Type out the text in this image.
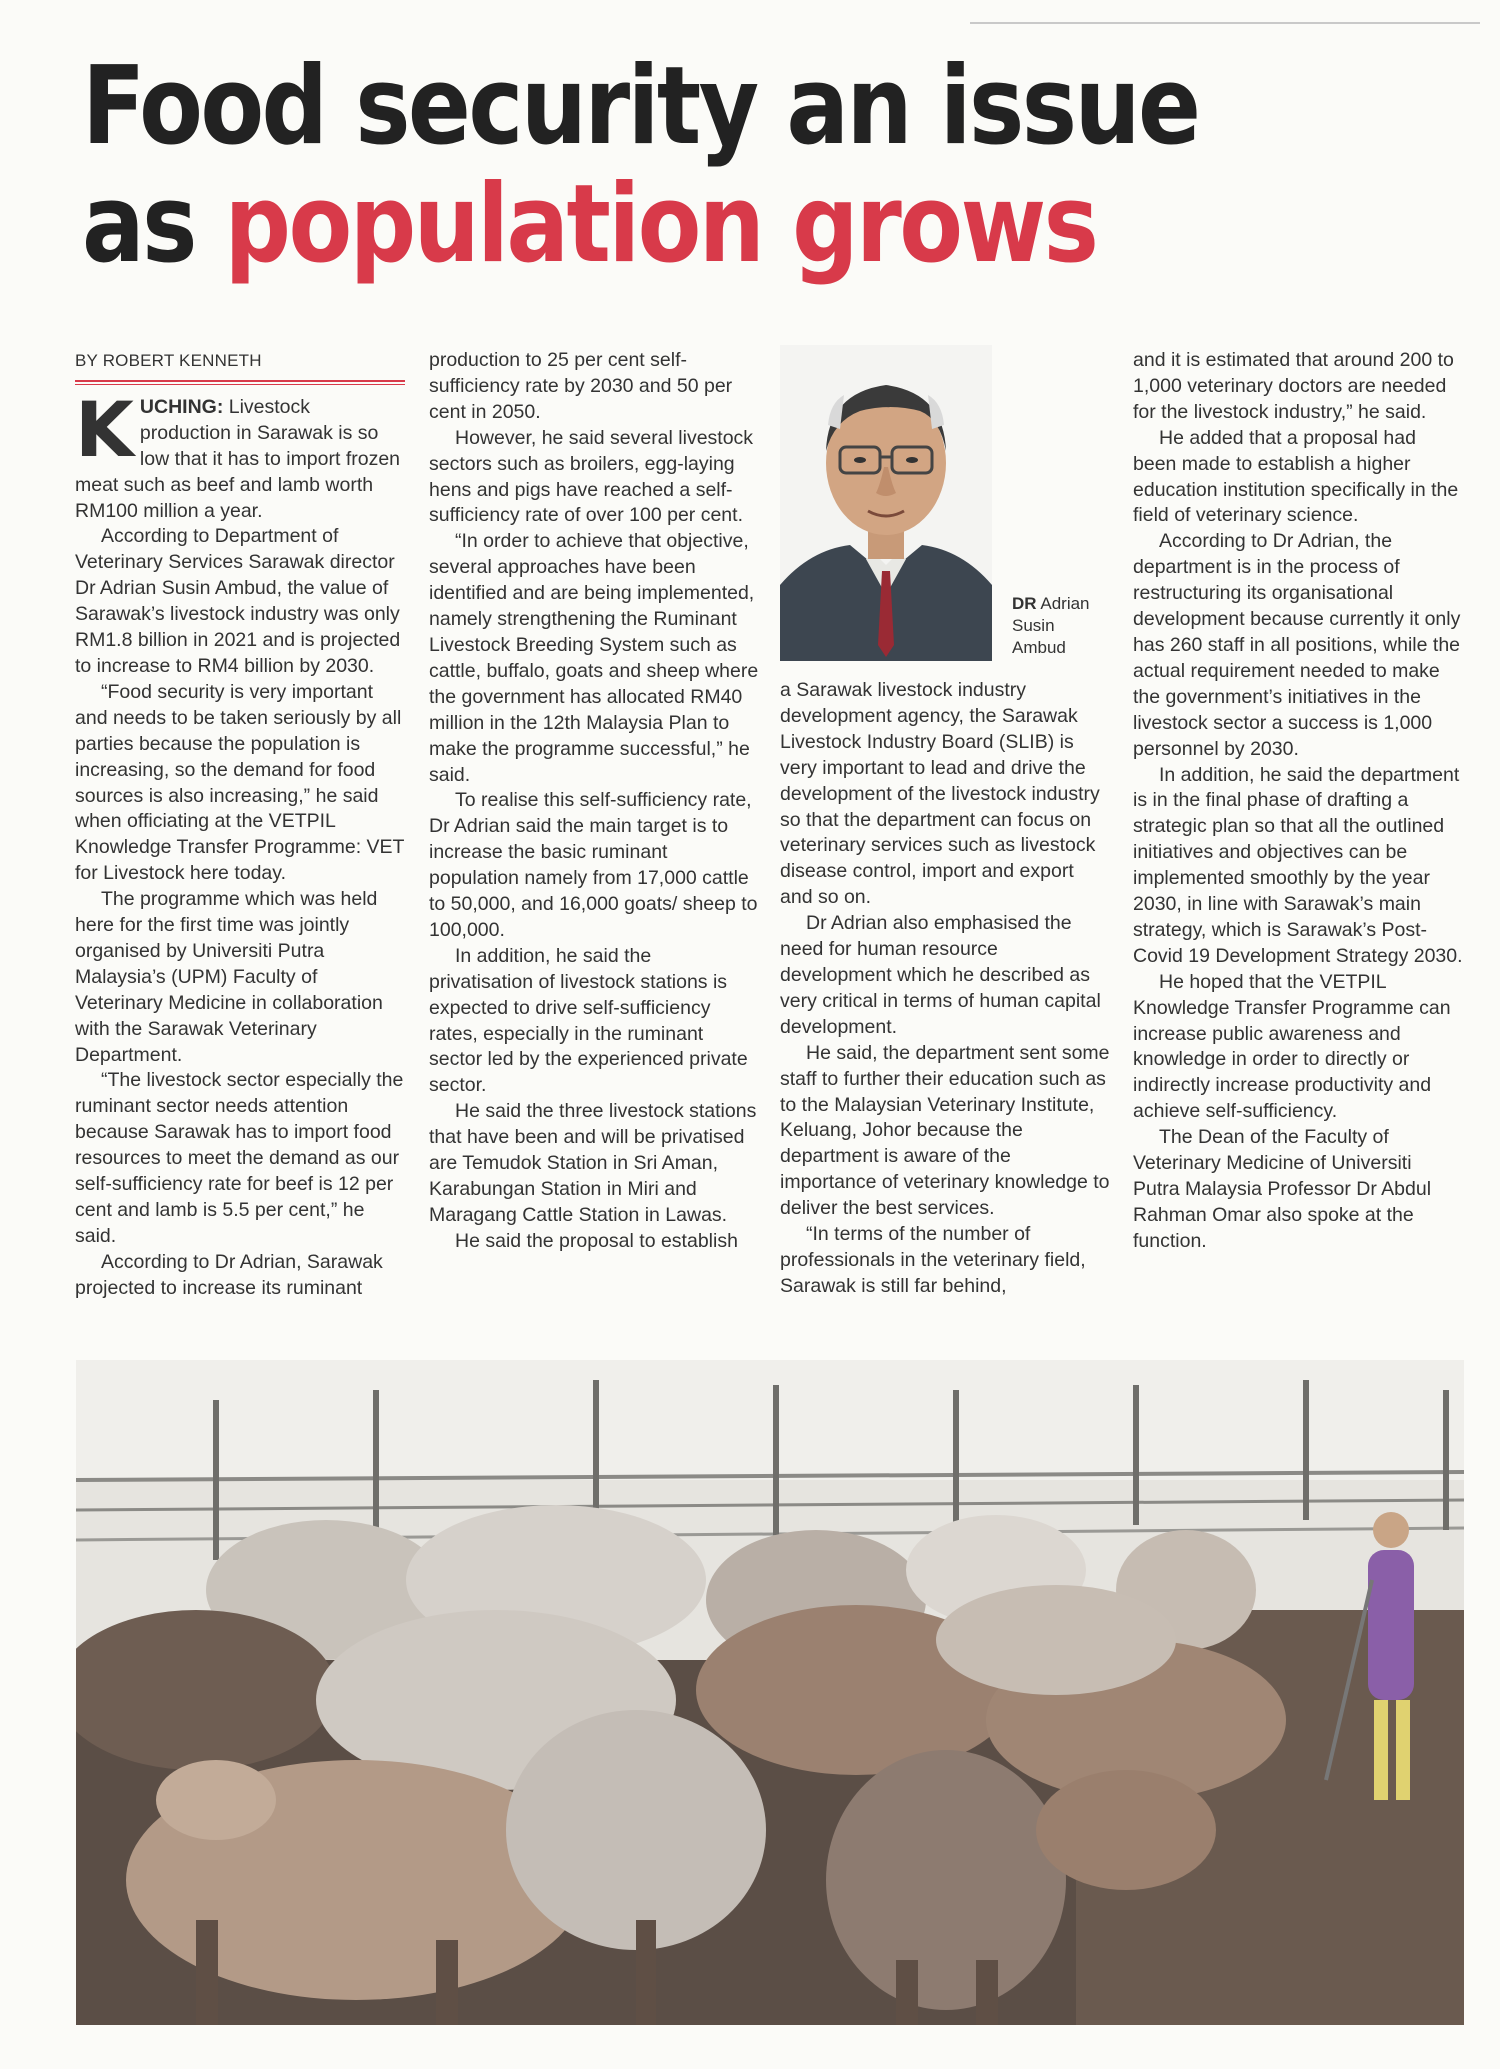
Food security an issue
as population grows
BY ROBERT KENNETH

KUCHING: Livestock production in Sarawak is so low that it has to import frozen meat such as beef and lamb worth RM100 million a year.

According to Department of Veterinary Services Sarawak director Dr Adrian Susin Ambud, the value of Sarawak’s livestock industry was only RM1.8 billion in 2021 and is projected to increase to RM4 billion by 2030.

“Food security is very important and needs to be taken seriously by all parties because the population is increasing, so the demand for food sources is also increasing,” he said when officiating at the VETPIL Knowledge Transfer Programme: VET for Livestock here today.

The programme which was held here for the first time was jointly organised by Universiti Putra Malaysia’s (UPM) Faculty of Veterinary Medicine in collaboration with the Sarawak Veterinary Department.

“The livestock sector especially the ruminant sector needs attention because Sarawak has to import food resources to meet the demand as our self-sufficiency rate for beef is 12 per cent and lamb is 5.5 per cent,” he said.

According to Dr Adrian, Sarawak projected to increase its ruminant

production to 25 per cent self-sufficiency rate by 2030 and 50 per cent in 2050.

However, he said several livestock sectors such as broilers, egg-laying hens and pigs have reached a self-sufficiency rate of over 100 per cent.

“In order to achieve that objective, several approaches have been identified and are being implemented, namely strengthening the Ruminant Livestock Breeding System such as cattle, buffalo, goats and sheep where the government has allocated RM40 million in the 12th Malaysia Plan to make the programme successful,” he said.

To realise this self-sufficiency rate, Dr Adrian said the main target is to increase the basic ruminant population namely from 17,000 cattle to 50,000, and 16,000 goats/ sheep to 100,000.

In addition, he said the privatisation of livestock stations is expected to drive self-sufficiency rates, especially in the ruminant sector led by the experienced private sector.

He said the three livestock stations that have been and will be privatised are Temudok Station in Sri Aman, Karabungan Station in Miri and Maragang Cattle Station in Lawas.

He said the proposal to establish

DR Adrian Susin Ambud

a Sarawak livestock industry development agency, the Sarawak Livestock Industry Board (SLIB) is very important to lead and drive the development of the livestock industry so that the department can focus on veterinary services such as livestock disease control, import and export and so on.

Dr Adrian also emphasised the need for human resource development which he described as very critical in terms of human capital development.

He said, the department sent some staff to further their education such as to the Malaysian Veterinary Institute, Keluang, Johor because the department is aware of the importance of veterinary knowledge to deliver the best services.

“In terms of the number of professionals in the veterinary field, Sarawak is still far behind,

and it is estimated that around 200 to 1,000 veterinary doctors are needed for the livestock industry,” he said.

He added that a proposal had been made to establish a higher education institution specifically in the field of veterinary science.

According to Dr Adrian, the department is in the process of restructuring its organisational development because currently it only has 260 staff in all positions, while the actual requirement needed to make the government’s initiatives in the livestock sector a success is 1,000 personnel by 2030.

In addition, he said the department is in the final phase of drafting a strategic plan so that all the outlined initiatives and objectives can be implemented smoothly by the year 2030, in line with Sarawak’s main strategy, which is Sarawak’s Post-Covid 19 Development Strategy 2030.

He hoped that the VETPIL Knowledge Transfer Programme can increase public awareness and knowledge in order to directly or indirectly increase productivity and achieve self-sufficiency.

The Dean of the Faculty of Veterinary Medicine of Universiti Putra Malaysia Professor Dr Abdul Rahman Omar also spoke at the function.
